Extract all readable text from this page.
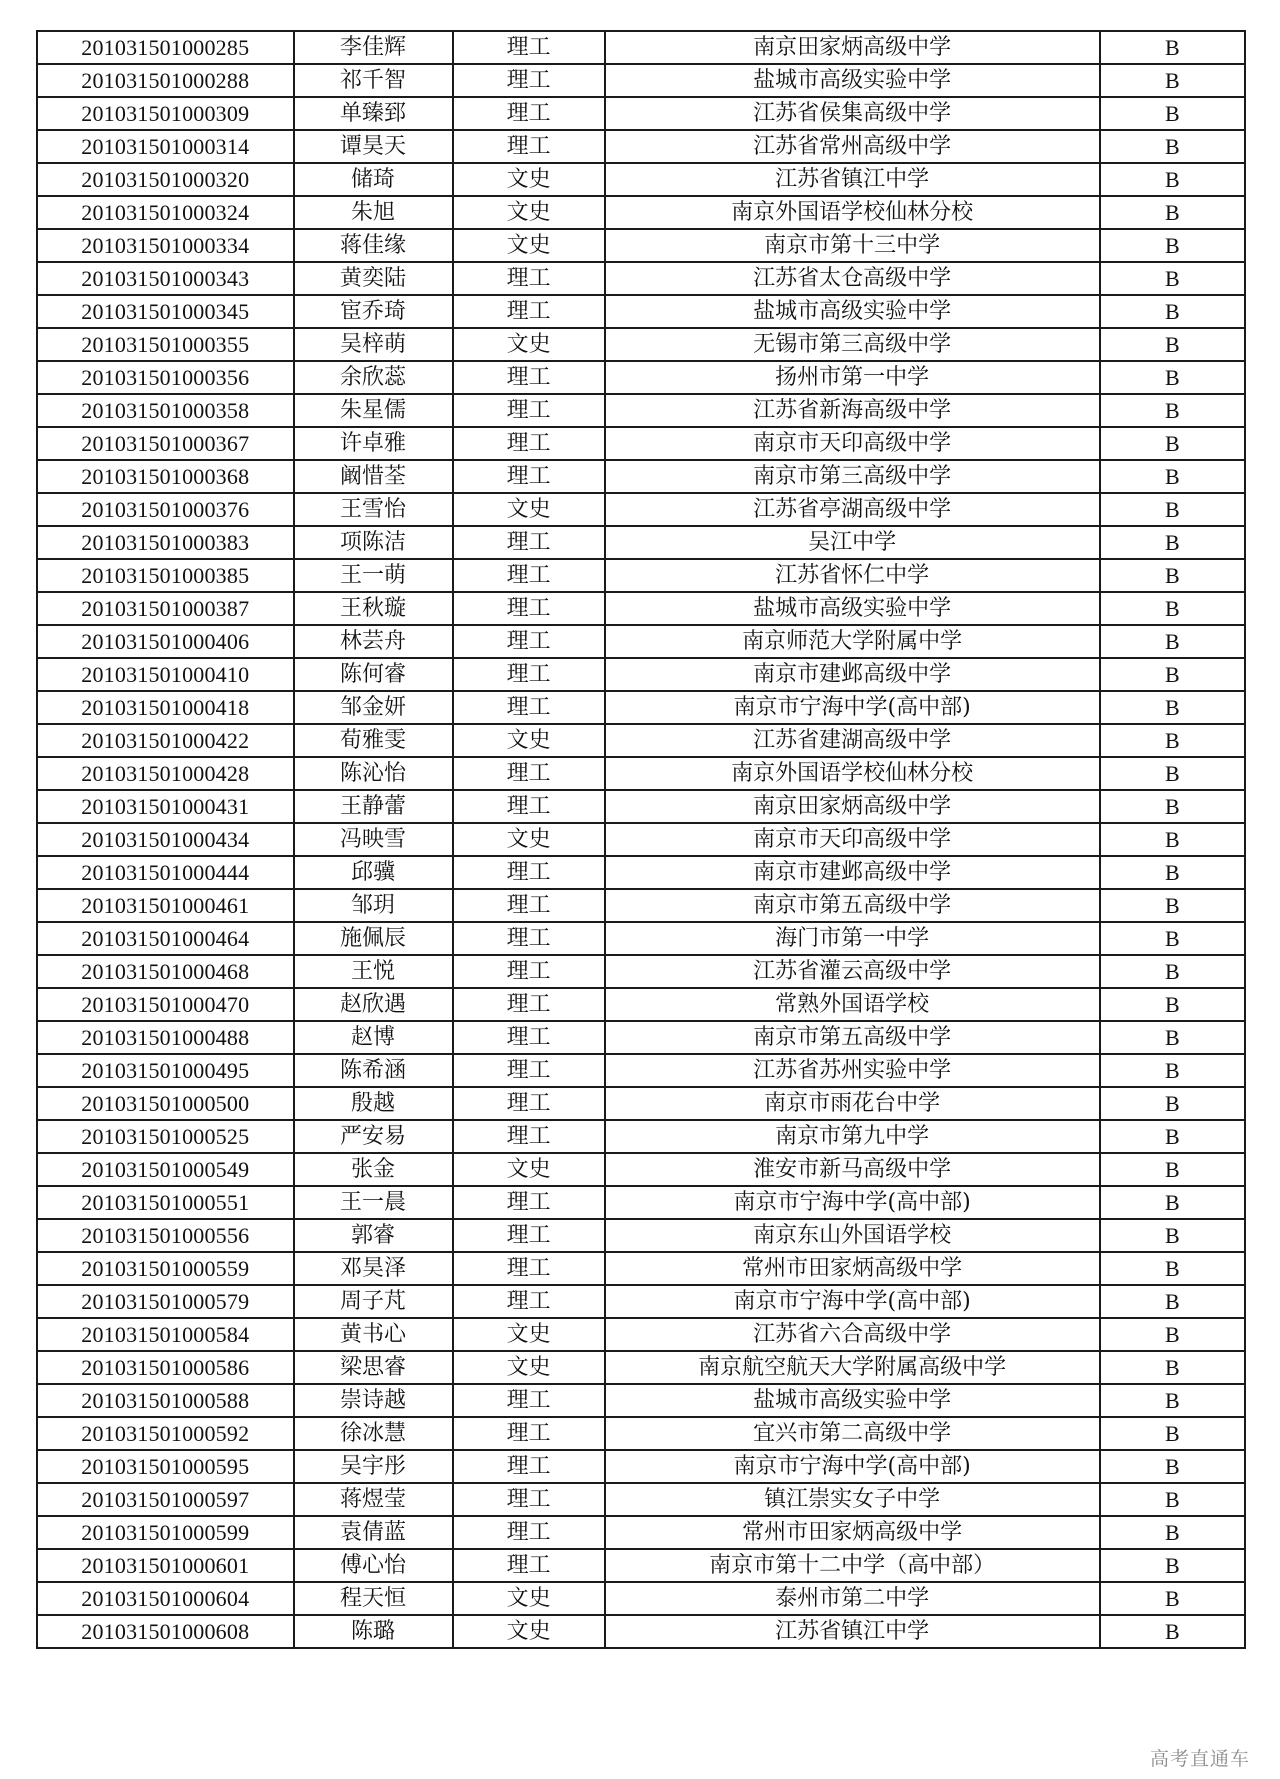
201031501000285	李佳辉	理工	南京田家炳高级中学	B
201031501000288	祁千智	理工	盐城市高级实验中学	B
201031501000309	单臻郅	理工	江苏省侯集高级中学	B
201031501000314	谭昊天	理工	江苏省常州高级中学	B
201031501000320	储琦	文史	江苏省镇江中学	B
201031501000324	朱旭	文史	南京外国语学校仙林分校	B
201031501000334	蒋佳缘	文史	南京市第十三中学	B
201031501000343	黄奕陆	理工	江苏省太仓高级中学	B
201031501000345	宦乔琦	理工	盐城市高级实验中学	B
201031501000355	吴梓萌	文史	无锡市第三高级中学	B
201031501000356	余欣蕊	理工	扬州市第一中学	B
201031501000358	朱星儒	理工	江苏省新海高级中学	B
201031501000367	许卓雅	理工	南京市天印高级中学	B
201031501000368	阚惜荃	理工	南京市第三高级中学	B
201031501000376	王雪怡	文史	江苏省亭湖高级中学	B
201031501000383	项陈洁	理工	吴江中学	B
201031501000385	王一萌	理工	江苏省怀仁中学	B
201031501000387	王秋璇	理工	盐城市高级实验中学	B
201031501000406	林芸舟	理工	南京师范大学附属中学	B
201031501000410	陈何睿	理工	南京市建邺高级中学	B
201031501000418	邹金妍	理工	南京市宁海中学(高中部)	B
201031501000422	荀雅雯	文史	江苏省建湖高级中学	B
201031501000428	陈沁怡	理工	南京外国语学校仙林分校	B
201031501000431	王静蕾	理工	南京田家炳高级中学	B
201031501000434	冯映雪	文史	南京市天印高级中学	B
201031501000444	邱骥	理工	南京市建邺高级中学	B
201031501000461	邹玥	理工	南京市第五高级中学	B
201031501000464	施佩辰	理工	海门市第一中学	B
201031501000468	王悦	理工	江苏省灌云高级中学	B
201031501000470	赵欣遇	理工	常熟外国语学校	B
201031501000488	赵博	理工	南京市第五高级中学	B
201031501000495	陈希涵	理工	江苏省苏州实验中学	B
201031501000500	殷越	理工	南京市雨花台中学	B
201031501000525	严安易	理工	南京市第九中学	B
201031501000549	张金	文史	淮安市新马高级中学	B
201031501000551	王一晨	理工	南京市宁海中学(高中部)	B
201031501000556	郭睿	理工	南京东山外国语学校	B
201031501000559	邓昊泽	理工	常州市田家炳高级中学	B
201031501000579	周子芃	理工	南京市宁海中学(高中部)	B
201031501000584	黄书心	文史	江苏省六合高级中学	B
201031501000586	梁思睿	文史	南京航空航天大学附属高级中学	B
201031501000588	崇诗越	理工	盐城市高级实验中学	B
201031501000592	徐冰慧	理工	宜兴市第二高级中学	B
201031501000595	吴宇彤	理工	南京市宁海中学(高中部)	B
201031501000597	蒋煜莹	理工	镇江崇实女子中学	B
201031501000599	袁倩蓝	理工	常州市田家炳高级中学	B
201031501000601	傅心怡	理工	南京市第十二中学（高中部）	B
201031501000604	程天恒	文史	泰州市第二中学	B
201031501000608	陈璐	文史	江苏省镇江中学	B
高考直通车
